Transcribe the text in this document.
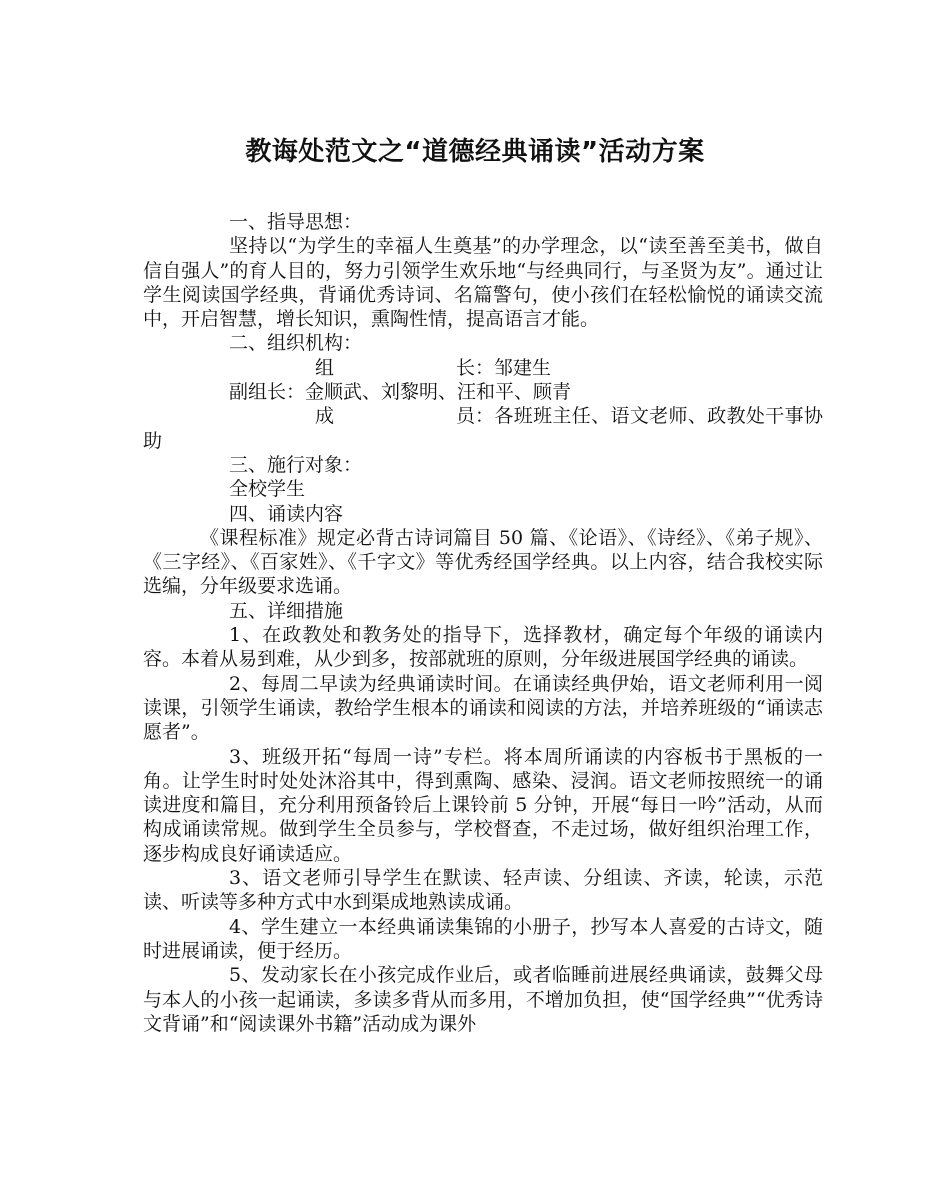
教诲处范文之“道德经典诵读”活动方案

一、指导思想：

坚持以“为学生的幸福人生奠基”的办学理念，以“读至善至美书，做自信自强人”的育人目的，努力引领学生欢乐地“与经典同行，与圣贤为友”。通过让学生阅读国学经典，背诵优秀诗词、名篇警句，使小孩们在轻松愉悦的诵读交流中，开启智慧，增长知识，熏陶性情，提高语言才能。

二、组织机构：

组	长：邹建生

副组长：金顺武、刘黎明、汪和平、顾青

成	员：各班班主任、语文老师、政教处干事协助

三、施行对象：

全校学生

四、诵读内容

《课程标准》规定必背古诗词篇目 50 篇、《论语》、《诗经》、《弟子规》、《三字经》、《百家姓》、《千字文》等优秀经国学经典。以上内容，结合我校实际选编，分年级要求选诵。

五、详细措施

1、在政教处和教务处的指导下，选择教材，确定每个年级的诵读内容。本着从易到难，从少到多，按部就班的原则，分年级进展国学经典的诵读。

2、每周二早读为经典诵读时间。在诵读经典伊始，语文老师利用一阅读课，引领学生诵读，教给学生根本的诵读和阅读的方法，并培养班级的“诵读志愿者”。

3、班级开拓“每周一诗”专栏。将本周所诵读的内容板书于黑板的一角。让学生时时处处沐浴其中，得到熏陶、感染、浸润。语文老师按照统一的诵读进度和篇目，充分利用预备铃后上课铃前 5 分钟，开展“每日一吟”活动，从而构成诵读常规。做到学生全员参与，学校督查，不走过场，做好组织治理工作，逐步构成良好诵读适应。

3、语文老师引导学生在默读、轻声读、分组读、齐读，轮读，示范读、听读等多种方式中水到渠成地熟读成诵。

4、学生建立一本经典诵读集锦的小册子，抄写本人喜爱的古诗文，随时进展诵读，便于经历。

5、发动家长在小孩完成作业后，或者临睡前进展经典诵读，鼓舞父母与本人的小孩一起诵读，多读多背从而多用，不增加负担，使“国学经典”“优秀诗文背诵”和“阅读课外书籍”活动成为课外
